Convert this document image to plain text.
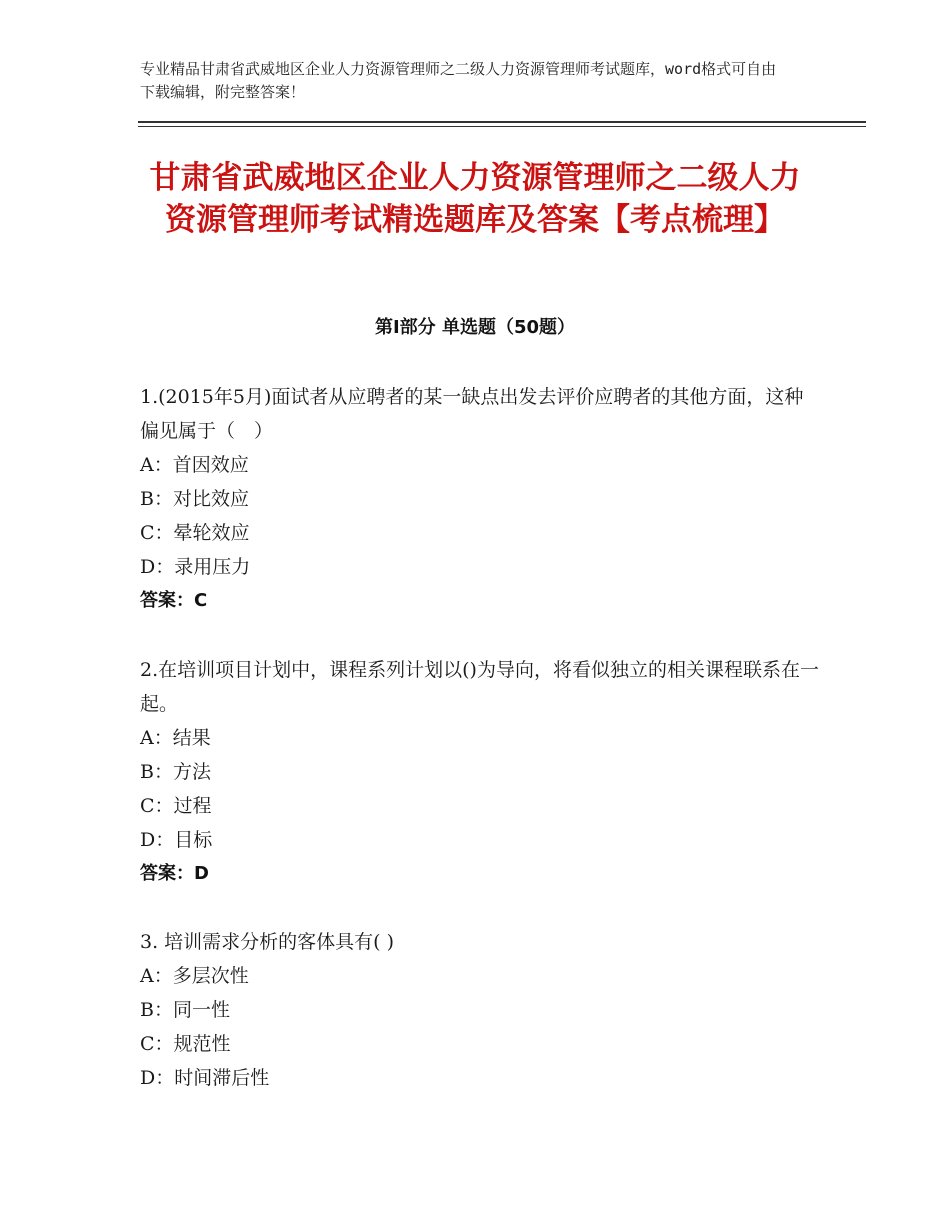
专业精品甘肃省武威地区企业人力资源管理师之二级人力资源管理师考试题库，word格式可自由下载编辑，附完整答案！
甘肃省武威地区企业人力资源管理师之二级人力资源管理师考试精选题库及答案【考点梳理】
第Ⅰ部分 单选题（50题）

1.(2015年5月)面试者从应聘者的某一缺点出发去评价应聘者的其他方面，这种偏见属于（　）

A：首因效应

B：对比效应

C：晕轮效应

D：录用压力

答案：C

2.在培训项目计划中，课程系列计划以()为导向，将看似独立的相关课程联系在一起。

A：结果

B：方法

C：过程

D：目标

答案：D

3. 培训需求分析的客体具有( )

A：多层次性

B：同一性

C：规范性

D：时间滞后性
